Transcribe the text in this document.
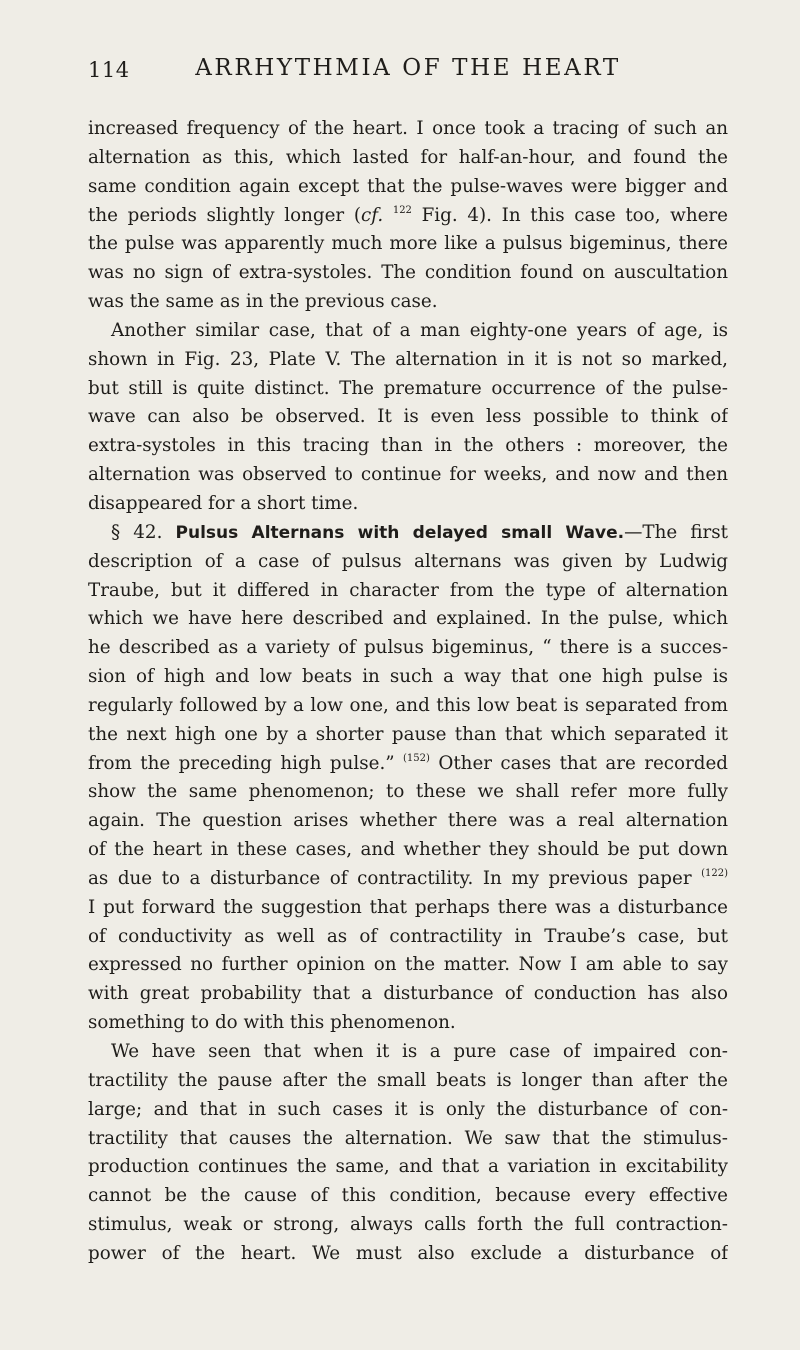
114	ARRHYTHMIA OF THE HEART
increased frequency of the heart. I once took a tracing of such an
alternation as this, which lasted for half-an-hour, and found the
same condition again except that the pulse-waves were bigger and
the periods slightly longer (cf. $^{122}$ Fig. 4). In this case too, where
the pulse was apparently much more like a pulsus bigeminus, there
was no sign of extra-systoles. The condition found on auscultation
was the same as in the previous case.
Another similar case, that of a man eighty-one years of age, is
shown in Fig. 23, Plate V. The alternation in it is not so marked,
but still is quite distinct. The premature occurrence of the pulse-
wave can also be observed. It is even less possible to think of
extra-systoles in this tracing than in the others : moreover, the
alternation was observed to continue for weeks, and now and then
disappeared for a short time.
§ 42. Pulsus Alternans with delayed small Wave.—The first
description of a case of pulsus alternans was given by Ludwig
Traube, but it differed in character from the type of alternation
which we have here described and explained. In the pulse, which
he described as a variety of pulsus bigeminus, “ there is a succes-
sion of high and low beats in such a way that one high pulse is
regularly followed by a low one, and this low beat is separated from
the next high one by a shorter pause than that which separated it
from the preceding high pulse.” $^{(152)}$ Other cases that are recorded
show the same phenomenon; to these we shall refer more fully
again. The question arises whether there was a real alternation
of the heart in these cases, and whether they should be put down
as due to a disturbance of contractility. In my previous paper $^{(122)}$
I put forward the suggestion that perhaps there was a disturbance
of conductivity as well as of contractility in Traube’s case, but
expressed no further opinion on the matter. Now I am able to say
with great probability that a disturbance of conduction has also
something to do with this phenomenon.
We have seen that when it is a pure case of impaired con-
tractility the pause after the small beats is longer than after the
large; and that in such cases it is only the disturbance of con-
tractility that causes the alternation. We saw that the stimulus-
production continues the same, and that a variation in excitability
cannot be the cause of this condition, because every effective
stimulus, weak or strong, always calls forth the full contraction-
power of the heart. We must also exclude a disturbance of
